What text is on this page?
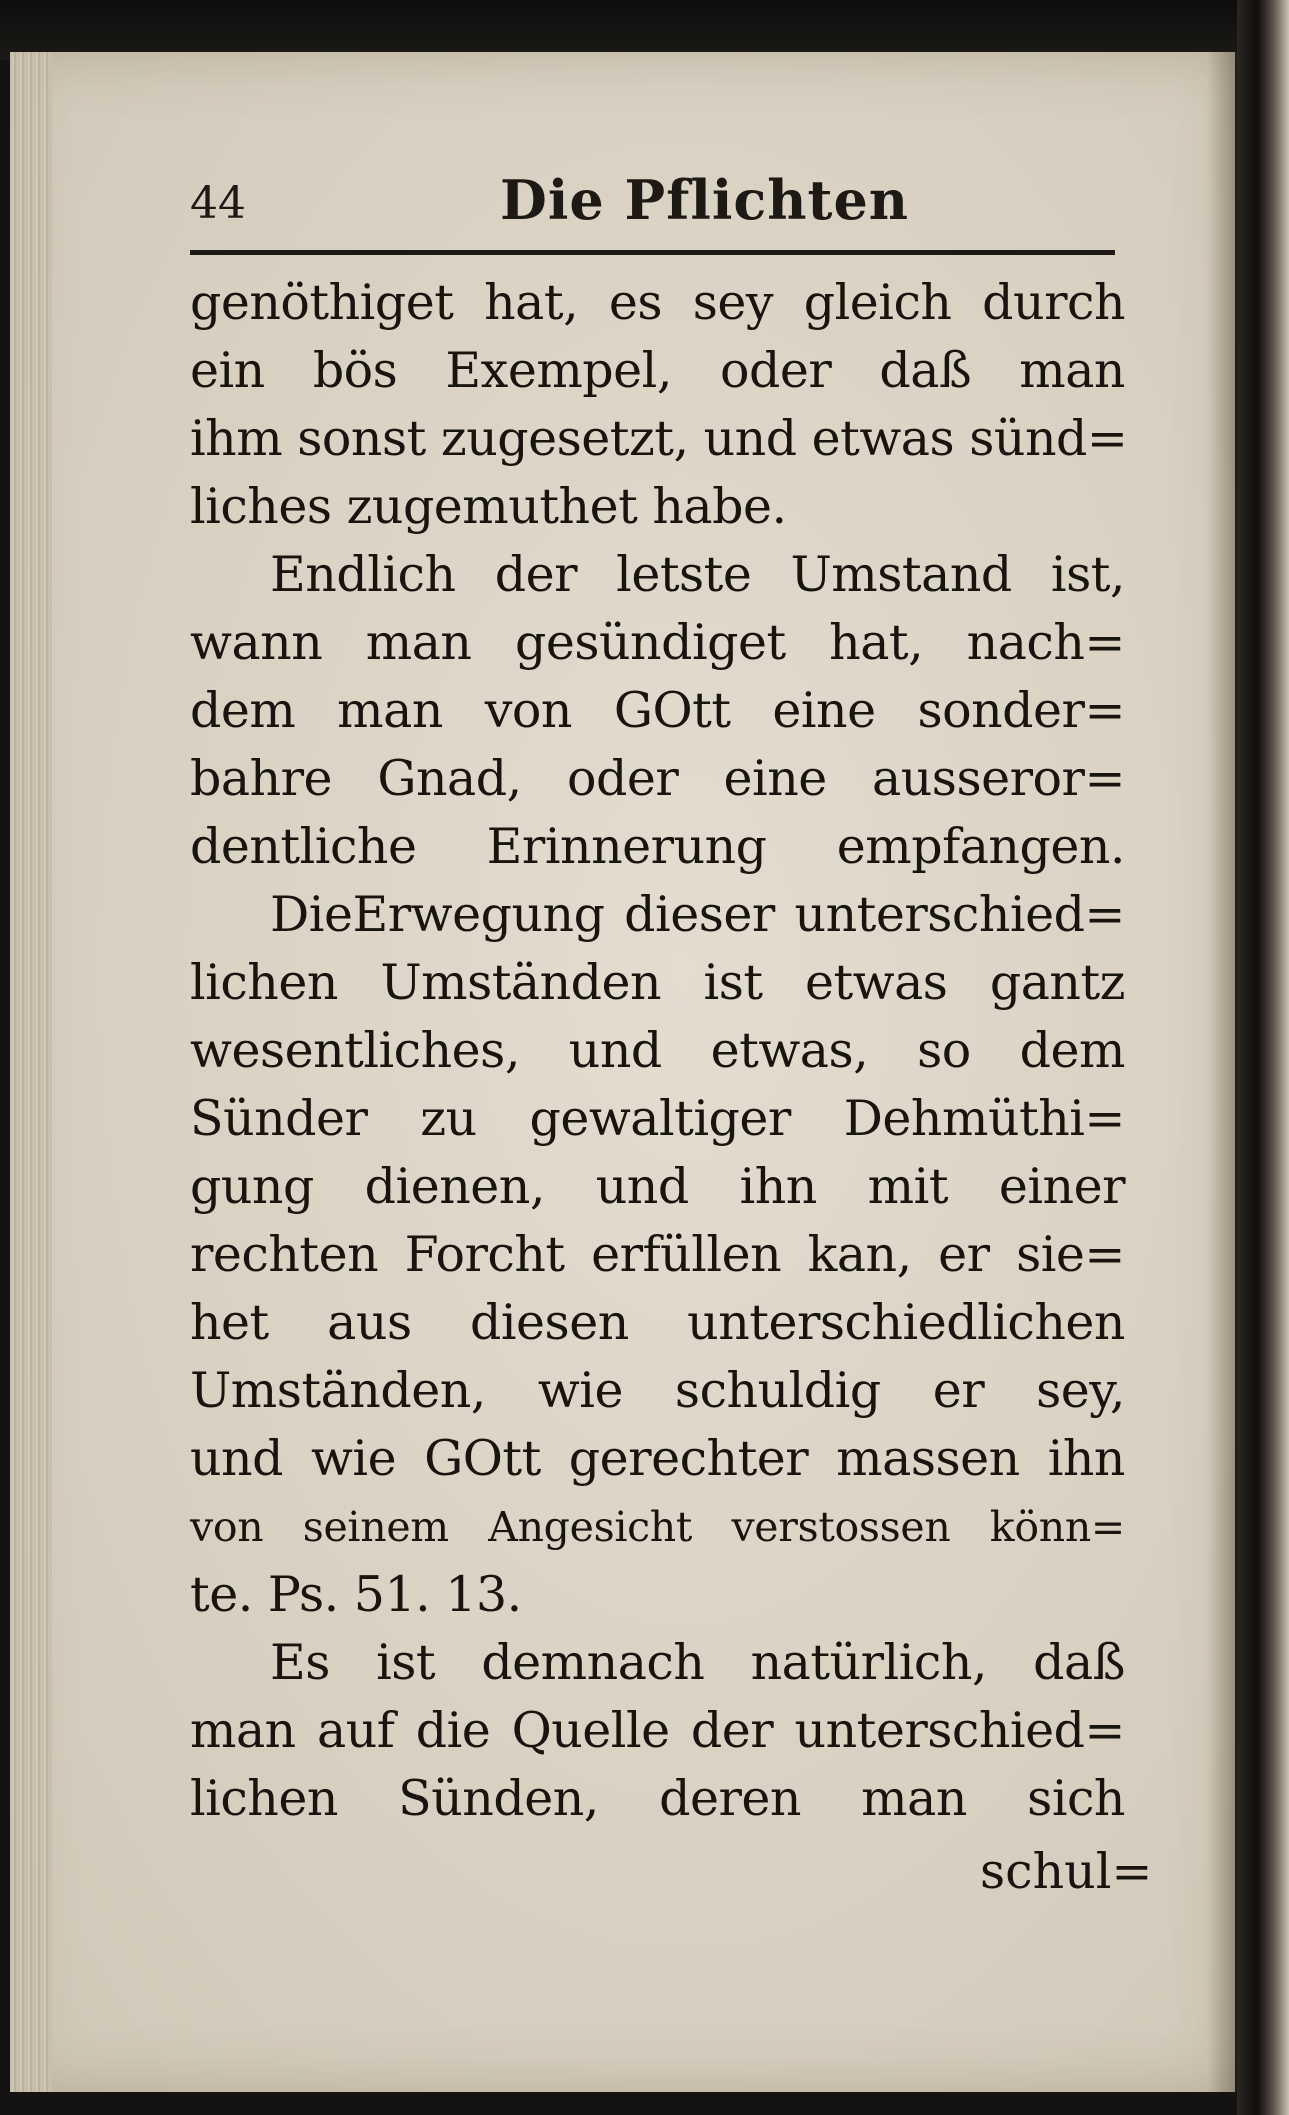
44	Die Pflichten
genöthiget hat, es sey gleich durch
ein bös Exempel, oder daß man
ihm sonst zugesetzt, und etwas sünd=
liches zugemuthet habe.
Endlich der letste Umstand ist,
wann man gesündiget hat, nach=
dem man von GOtt eine sonder=
bahre Gnad, oder eine ausseror=
dentliche Erinnerung empfangen.
DieErwegung dieser unterschied=
lichen Umständen ist etwas gantz
wesentliches, und etwas, so dem
Sünder zu gewaltiger Dehmüthi=
gung dienen, und ihn mit einer
rechten Forcht erfüllen kan, er sie=
het aus diesen unterschiedlichen
Umständen, wie schuldig er sey,
und wie GOtt gerechter massen ihn
von seinem Angesicht verstossen könn=
te. Ps. 51. 13.
Es ist demnach natürlich, daß
man auf die Quelle der unterschied=
lichen Sünden, deren man sich
schul=
